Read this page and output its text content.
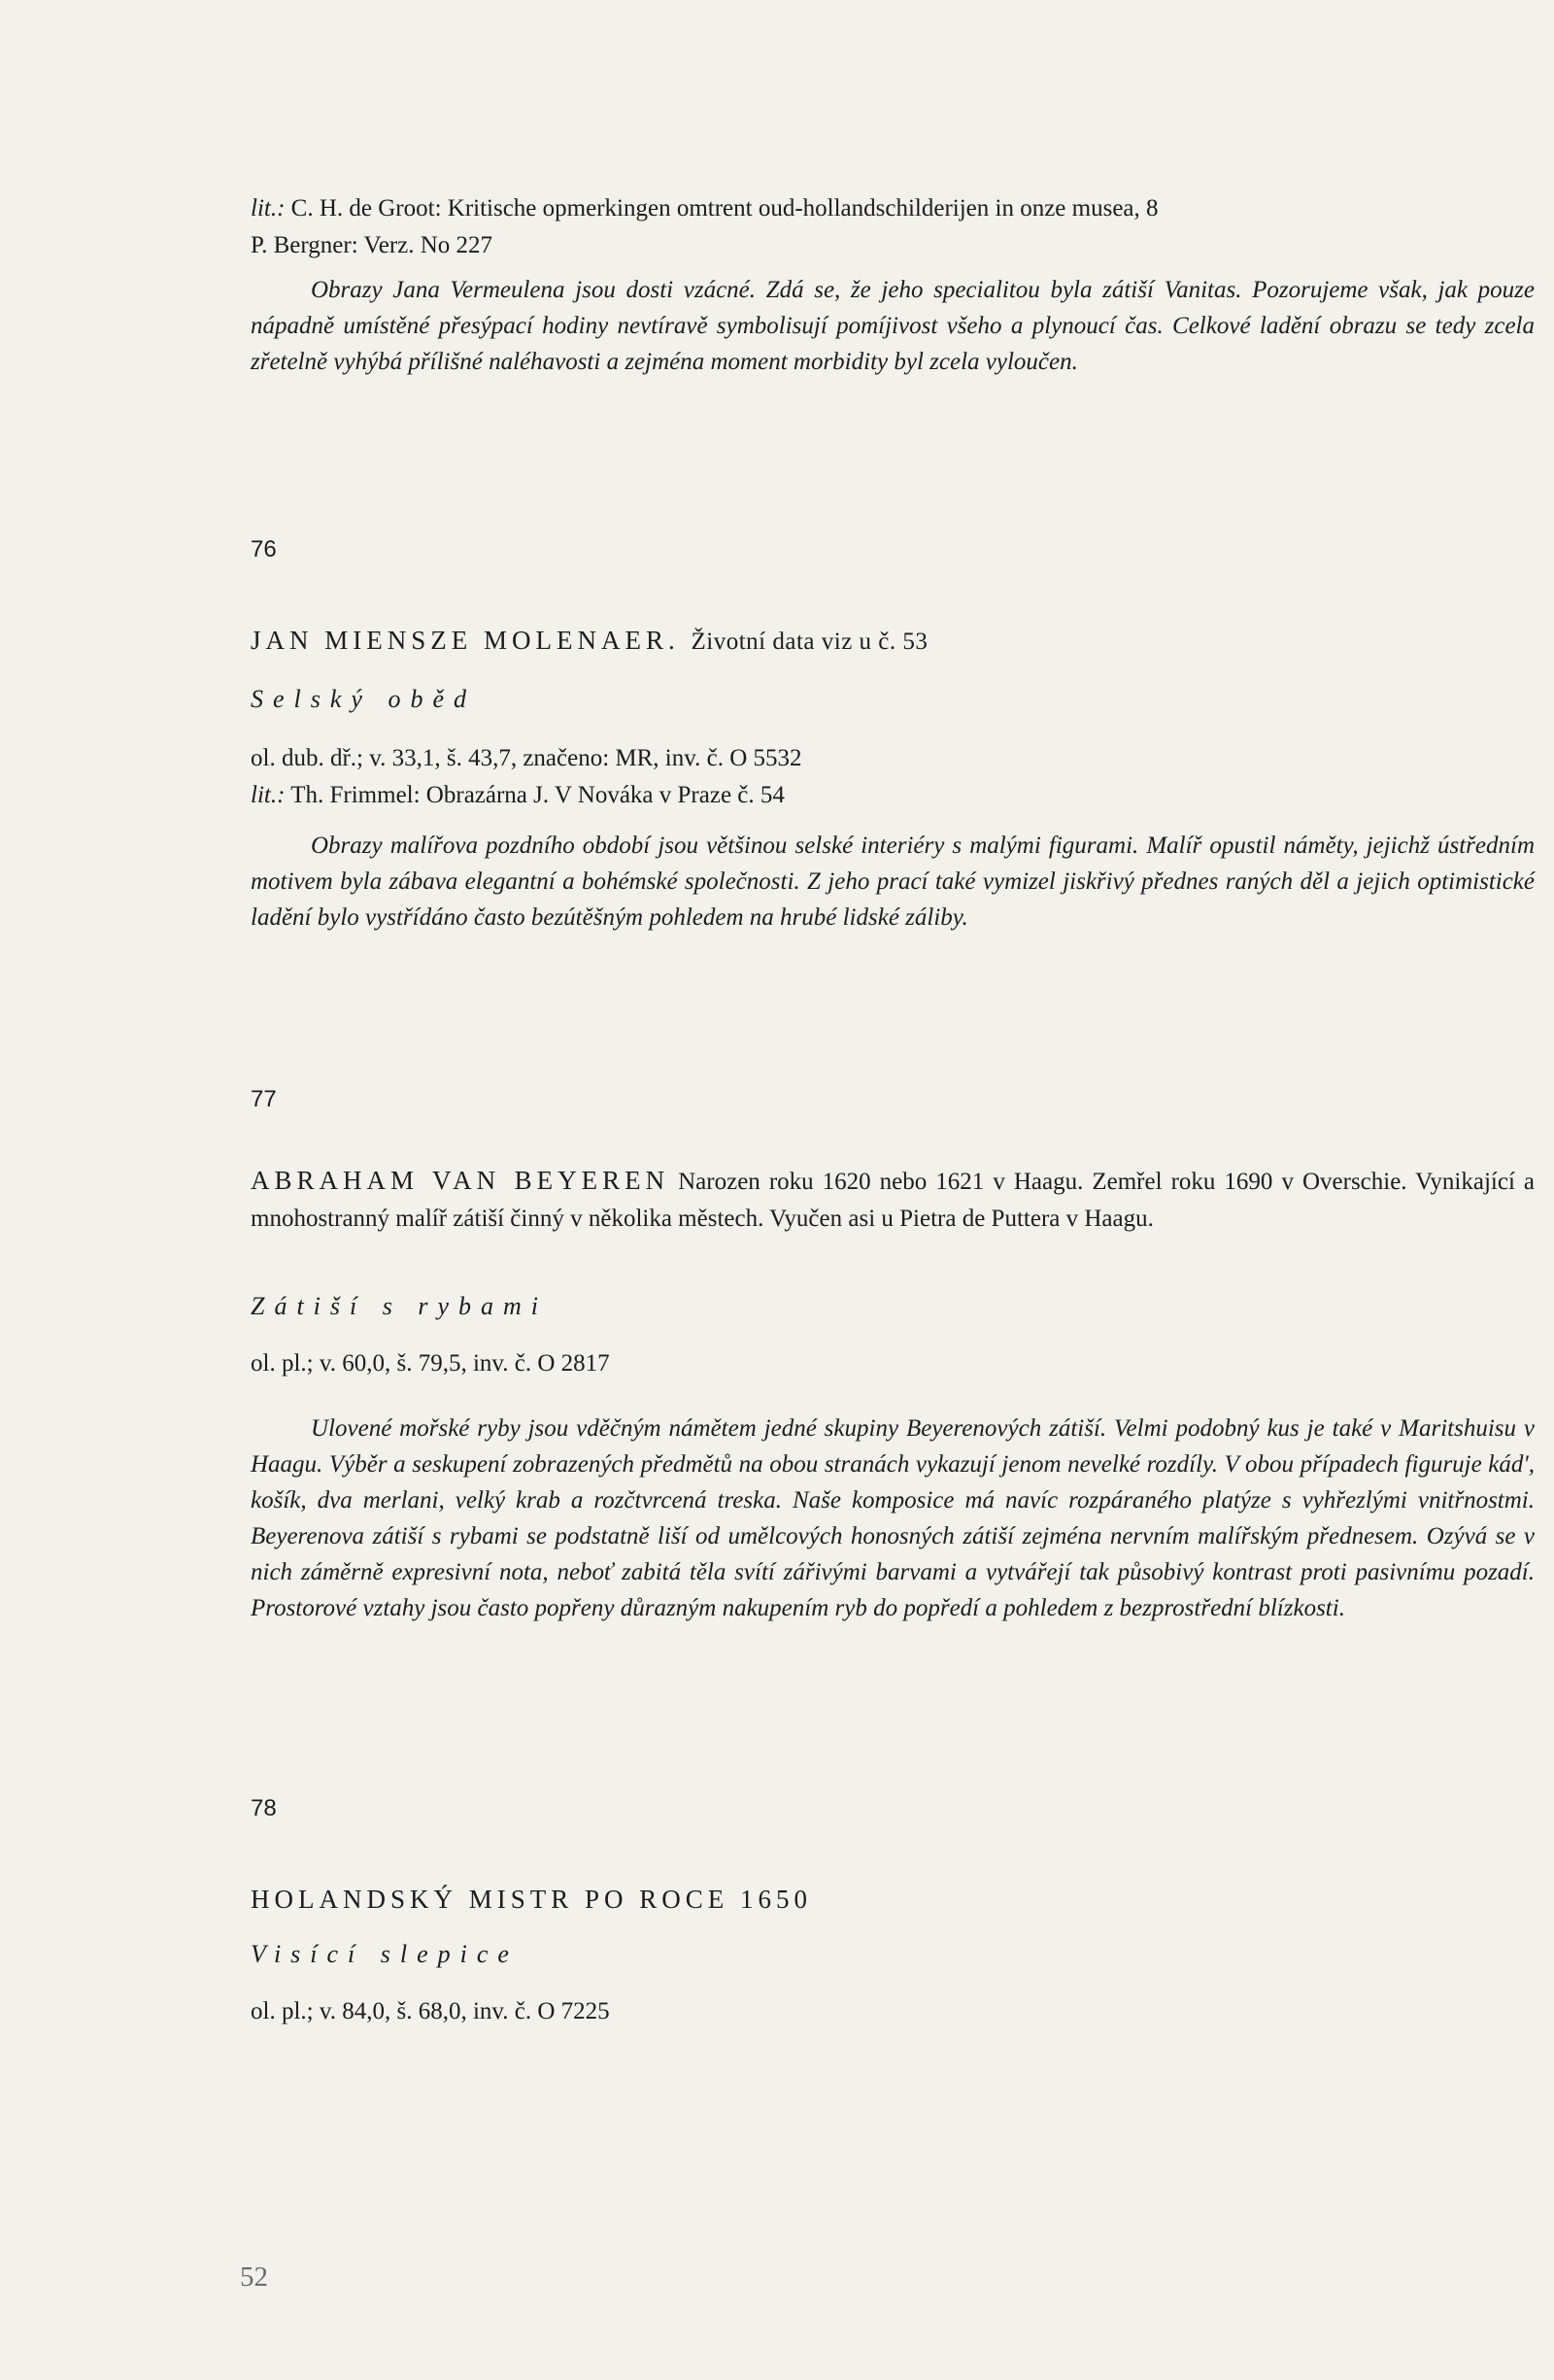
lit.: C. H. de Groot: Kritische opmerkingen omtrent oud-hollandschilderijen in onze musea, 8
P. Bergner: Verz. No 227
Obrazy Jana Vermeulena jsou dosti vzácné. Zdá se, že jeho specialitou byla zátiší Vanitas. Pozorujeme však, jak pouze nápadně umístěné přesýpací hodiny nevtíravě symbolisují pomíjivost všeho a plynoucí čas. Celkové ladění obrazu se tedy zcela zřetelně vyhýbá přílišné naléhavosti a zejména moment morbidity byl zcela vyloučen.
76
JAN MIENSZE MOLENAER. Životní data viz u č. 53
Selský oběd
ol. dub. dř.; v. 33,1, š. 43,7, značeno: MR, inv. č. O 5532
lit.: Th. Frimmel: Obrazárna J. V Nováka v Praze č. 54
Obrazy malířova pozdního období jsou většinou selské interiéry s malými figurami. Malíř opustil náměty, jejichž ústředním motivem byla zábava elegantní a bohémské společnosti. Z jeho prací také vymizel jiskřivý přednes raných děl a jejich optimistické ladění bylo vystřídáno často bezútěšným pohledem na hrubé lidské záliby.
77
ABRAHAM VAN BEYEREN Narozen roku 1620 nebo 1621 v Haagu. Zemřel roku 1690 v Overschie. Vynikající a mnohostranný malíř zátiší činný v několika městech. Vyučen asi u Pietra de Puttera v Haagu.
Zátiší s rybami
ol. pl.; v. 60,0, š. 79,5, inv. č. O 2817
Ulovené mořské ryby jsou vděčným námětem jedné skupiny Beyerenových zátiší. Velmi podobný kus je také v Maritshuisu v Haagu. Výběr a seskupení zobrazených předmětů na obou stranách vykazují jenom nevelké rozdíly. V obou případech figuruje kád', košík, dva merlani, velký krab a rozčtvrcená treska. Naše komposice má navíc rozpáraného platýze s vyhřezlými vnitřnostmi. Beyerenova zátiší s rybami se podstatně liší od umělcových honosných zátiší zejména nervním malířským přednesem. Ozývá se v nich záměrně expresivní nota, neboť zabitá těla svítí zářivými barvami a vytvářejí tak působivý kontrast proti pasivnímu pozadí. Prostorové vztahy jsou často popřeny důrazným nakupením ryb do popředí a pohledem z bezprostřední blízkosti.
78
HOLANDSKÝ MISTR PO ROCE 1650
Visící slepice
ol. pl.; v. 84,0, š. 68,0, inv. č. O 7225
52
